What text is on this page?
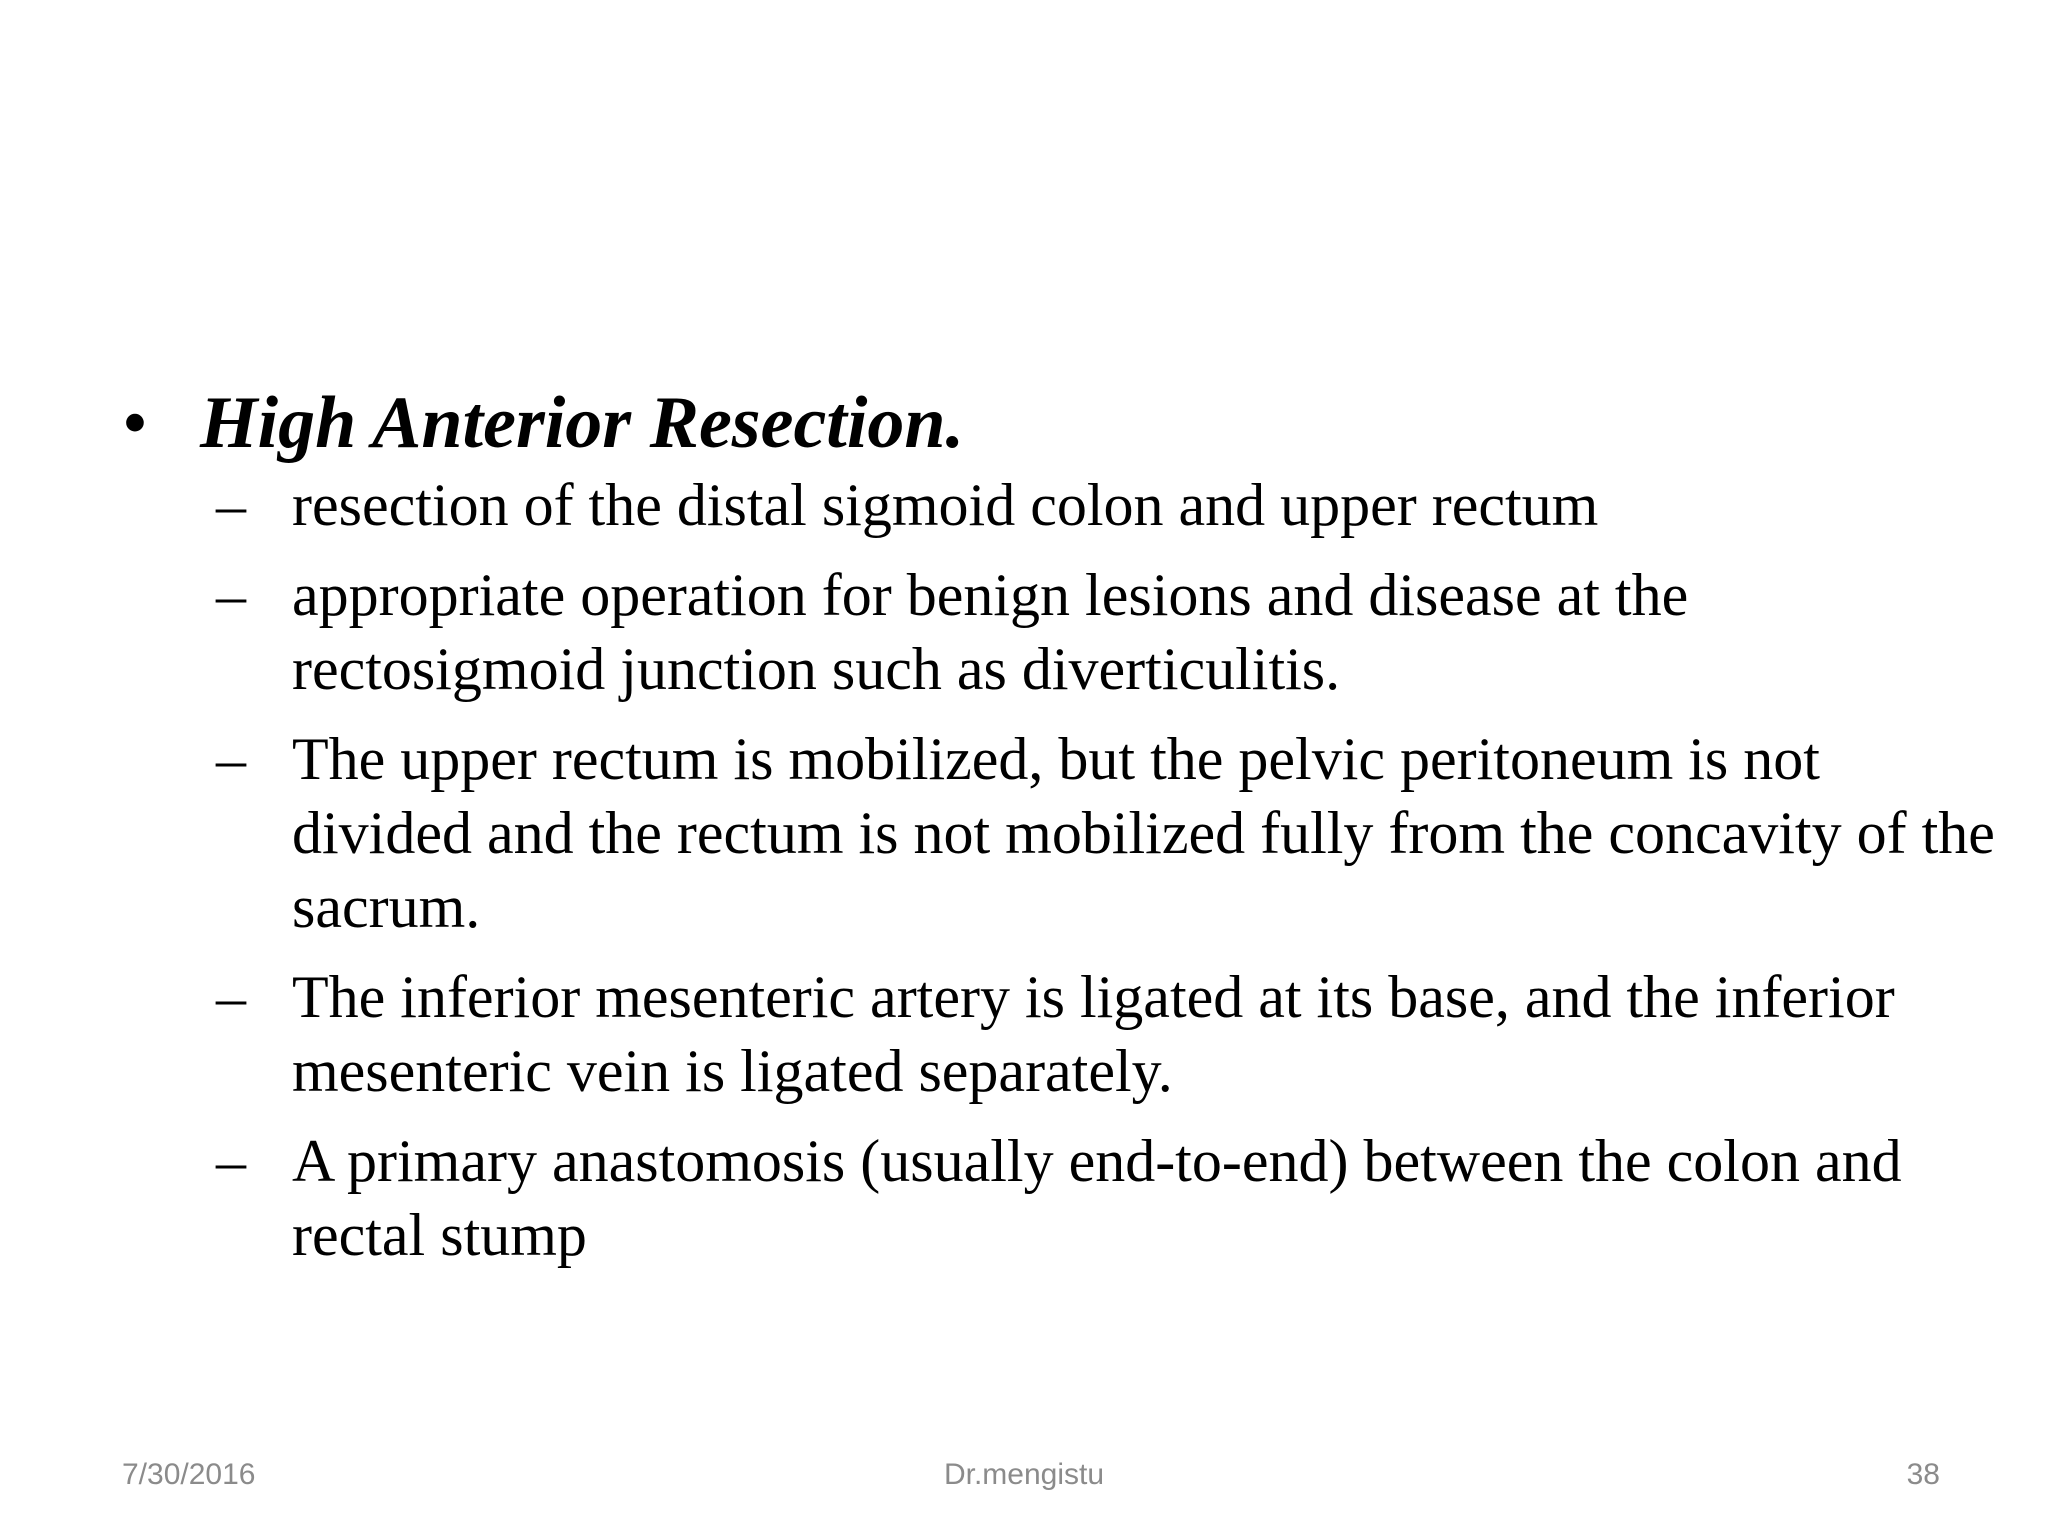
• High Anterior Resection.
– resection of the distal sigmoid colon and upper rectum
– appropriate operation for benign lesions and disease at the rectosigmoid junction such as diverticulitis.
– The upper rectum is mobilized, but the pelvic peritoneum is not divided and the rectum is not mobilized fully from the concavity of the sacrum.
– The inferior mesenteric artery is ligated at its base, and the inferior mesenteric vein is ligated separately.
– A primary anastomosis (usually end-to-end) between the colon and rectal stump
7/30/2016	Dr.mengistu	38
